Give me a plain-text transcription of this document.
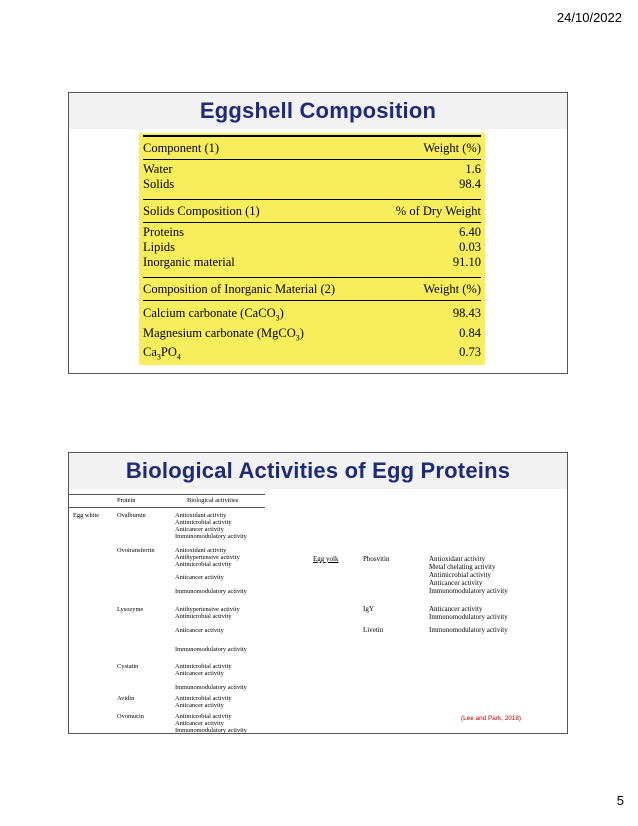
24/10/2022
Eggshell Composition
Component (1)	Weight (%)
Water	1.6
Solids	98.4
Solids Composition (1)	% of Dry Weight
Proteins	6.40
Lipids	0.03
Inorganic material	91.10
Composition of Inorganic Material (2)	Weight (%)
Calcium carbonate (CaCO$_3$)	98.43
Magnesium carbonate (MgCO$_3$)	0.84
$Ca_3PO_4$	0.73
Biological Activities of Egg Proteins
Protein	Biological activities
Egg white	Ovalbumin	Antioxidant activity
Antimicrobial activity
Anticancer activity
Immunomodulatory activity
Ovotransferrin	Antioxidant activity
Antihypertensive activity
Antimicrobial activity
Anticancer activity
Immunomodulatory activity
Lysozyme	Antihypertensive activity
Antimicrobial activity
Anticancer activity
Immunomodulatory activity
Cystatin	Antimicrobial activity
Anticancer activity
Immunomodulatory activity
Avidin	Antimicrobial activity
Anticancer activity
Ovomucin	Antimicrobial activity
Anticancer activity
Immunomodulatory activity
Egg yolk	Phosvitin	Antioxidant activity
Metal chelating activity
Antimicrobial activity
Anticancer activity
Immunomodulatory activity
IgY	Anticancer activity
Immunomodulatory activity
Livetin	Immunomodulatory activity
(Lee and Park, 2018)
5
